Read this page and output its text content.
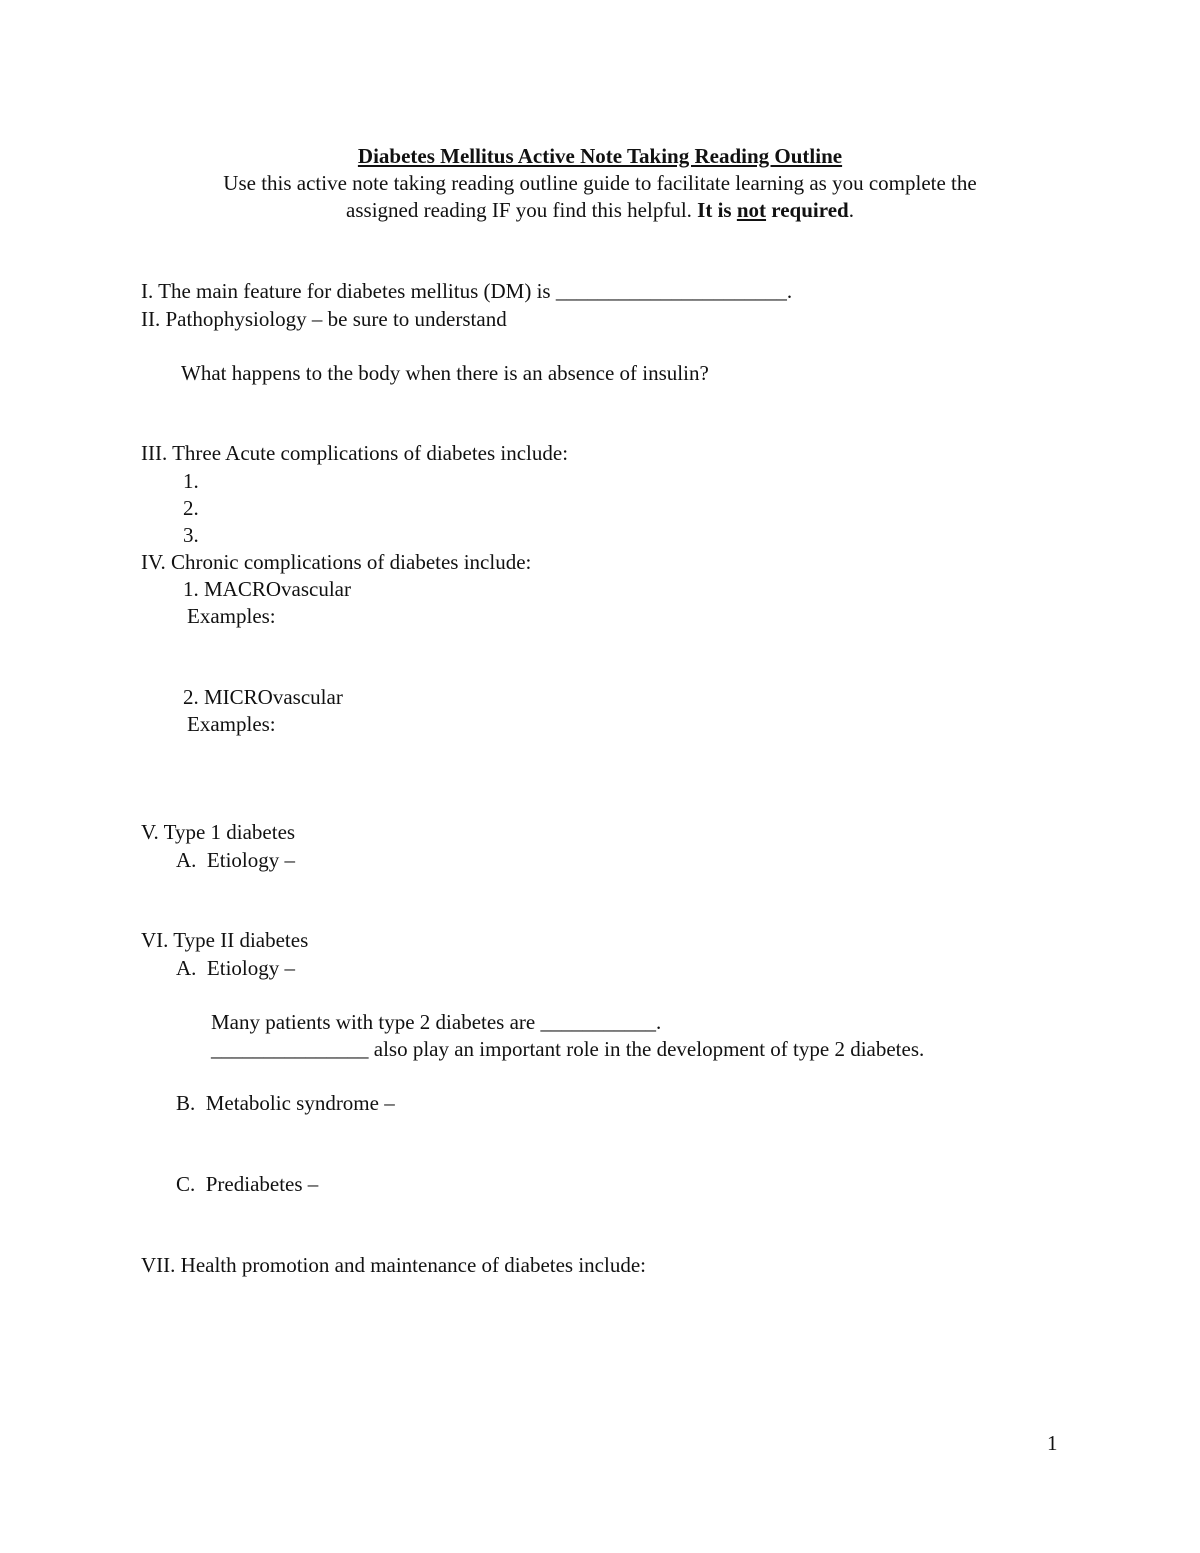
Diabetes Mellitus Active Note Taking Reading Outline
Use this active note taking reading outline guide to facilitate learning as you complete the
assigned reading IF you find this helpful. It is not required.
I. The main feature for diabetes mellitus (DM) is ______________________.
II. Pathophysiology – be sure to understand
What happens to the body when there is an absence of insulin?
III. Three Acute complications of diabetes include:
1.
2.
3.
IV. Chronic complications of diabetes include:
1. MACROvascular
Examples:
2. MICROvascular
Examples:
V. Type 1 diabetes
A.  Etiology –
VI. Type II diabetes
A.  Etiology –
Many patients with type 2 diabetes are ___________.
_______________ also play an important role in the development of type 2 diabetes.
B.  Metabolic syndrome –
C.  Prediabetes –
VII. Health promotion and maintenance of diabetes include:
1
